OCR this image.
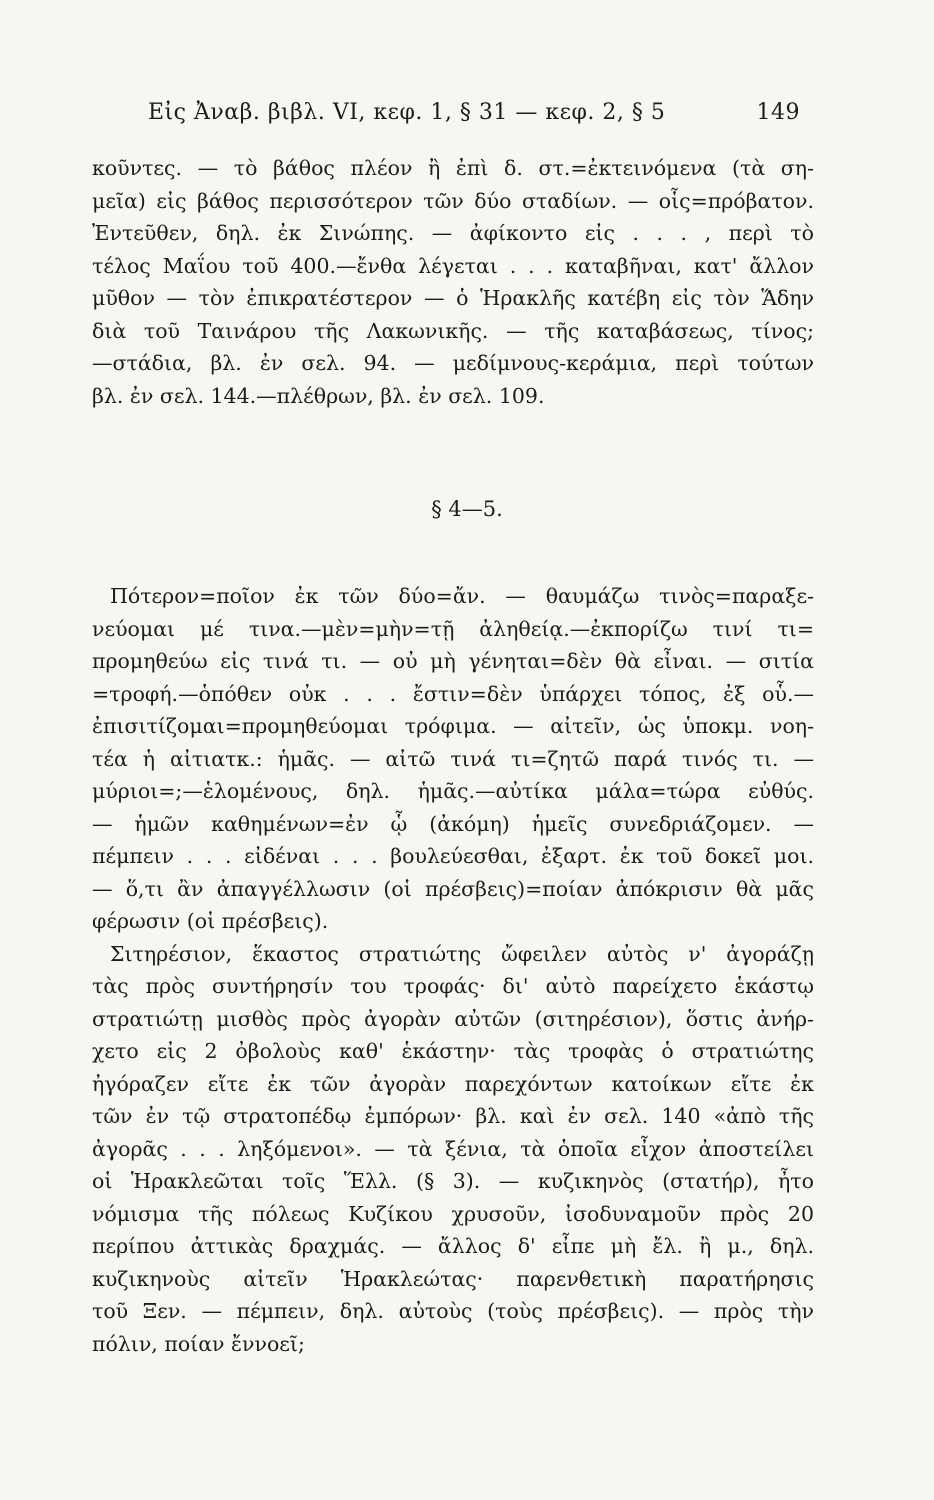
Εἰς Ἀναβ. βιβλ. VI, κεφ. 1, § 31 — κεφ. 2, § 5	149
κοῦντες. — τὸ βάθος πλέον ἢ ἐπὶ δ. στ.=ἐκτεινόμενα (τὰ ση-
μεῖα) εἰς βάθος περισσότερον τῶν δύο σταδίων. — οἷς=πρόβατον.
Ἐντεῦθεν, δηλ. ἐκ Σινώπης. — ἀφίκοντο εἰς . . . , περὶ τὸ
τέλος Μαΐου τοῦ 400.—ἔνθα λέγεται . . . καταβῆναι, κατ' ἄλλον
μῦθον — τὸν ἐπικρατέστερον — ὁ Ἡρακλῆς κατέβη εἰς τὸν Ἅδην
διὰ τοῦ Ταινάρου τῆς Λακωνικῆς. — τῆς καταβάσεως, τίνος;
—στάδια, βλ. ἐν σελ. 94. — μεδίμνους-κεράμια, περὶ τούτων
βλ. ἐν σελ. 144.—πλέθρων, βλ. ἐν σελ. 109.
§ 4—5.
Πότερον=ποῖον ἐκ τῶν δύο=ἄν. — θαυμάζω τινὸς=παραξε-
νεύομαι μέ τινα.—μὲν=μὴν=τῇ ἀληθείᾳ.—ἐκπορίζω τινί τι=
προμηθεύω εἰς τινά τι. — οὐ μὴ γένηται=δὲν θὰ εἶναι. — σιτία
=τροφή.—ὁπόθεν οὐκ . . . ἔστιν=δὲν ὑπάρχει τόπος, ἐξ οὗ.—
ἐπισιτίζομαι=προμηθεύομαι τρόφιμα. — αἰτεῖν, ὡς ὑποκμ. νοη-
τέα ἡ αἰτιατκ.: ἡμᾶς. — αἰτῶ τινά τι=ζητῶ παρά τινός τι. —
μύριοι=;—ἑλομένους, δηλ. ἡμᾶς.—αὐτίκα μάλα=τώρα εὐθύς.
— ἡμῶν καθημένων=ἐν ᾧ (ἀκόμη) ἡμεῖς συνεδριάζομεν. —
πέμπειν . . . εἰδέναι . . . βουλεύεσθαι, ἐξαρτ. ἐκ τοῦ δοκεῖ μοι.
— ὅ,τι ἂν ἀπαγγέλλωσιν (οἱ πρέσβεις)=ποίαν ἀπόκρισιν θὰ μᾶς
φέρωσιν (οἱ πρέσβεις).
Σιτηρέσιον, ἕκαστος στρατιώτης ὤφειλεν αὐτὸς ν' ἀγοράζῃ
τὰς πρὸς συντήρησίν του τροφάς· δι' αὐτὸ παρείχετο ἑκάστῳ
στρατιώτῃ μισθὸς πρὸς ἀγορὰν αὐτῶν (σιτηρέσιον), ὅστις ἀνήρ-
χετο εἰς 2 ὀβολοὺς καθ' ἑκάστην· τὰς τροφὰς ὁ στρατιώτης
ἠγόραζεν εἴτε ἐκ τῶν ἀγορὰν παρεχόντων κατοίκων εἴτε ἐκ
τῶν ἐν τῷ στρατοπέδῳ ἐμπόρων· βλ. καὶ ἐν σελ. 140 «ἀπὸ τῆς
ἀγορᾶς . . . ληξόμενοι». — τὰ ξένια, τὰ ὁποῖα εἶχον ἀποστείλει
οἱ Ἡρακλεῶται τοῖς Ἕλλ. (§ 3). — κυζικηνὸς (στατήρ), ἦτο
νόμισμα τῆς πόλεως Κυζίκου χρυσοῦν, ἰσοδυναμοῦν πρὸς 20
περίπου ἀττικὰς δραχμάς. — ἄλλος δ' εἶπε μὴ ἔλ. ἢ μ., δηλ.
κυζικηνοὺς αἰτεῖν Ἡρακλεώτας· παρενθετικὴ παρατήρησις
τοῦ Ξεν. — πέμπειν, δηλ. αὐτοὺς (τοὺς πρέσβεις). — πρὸς τὴν
πόλιν, ποίαν ἔννοεῖ;
